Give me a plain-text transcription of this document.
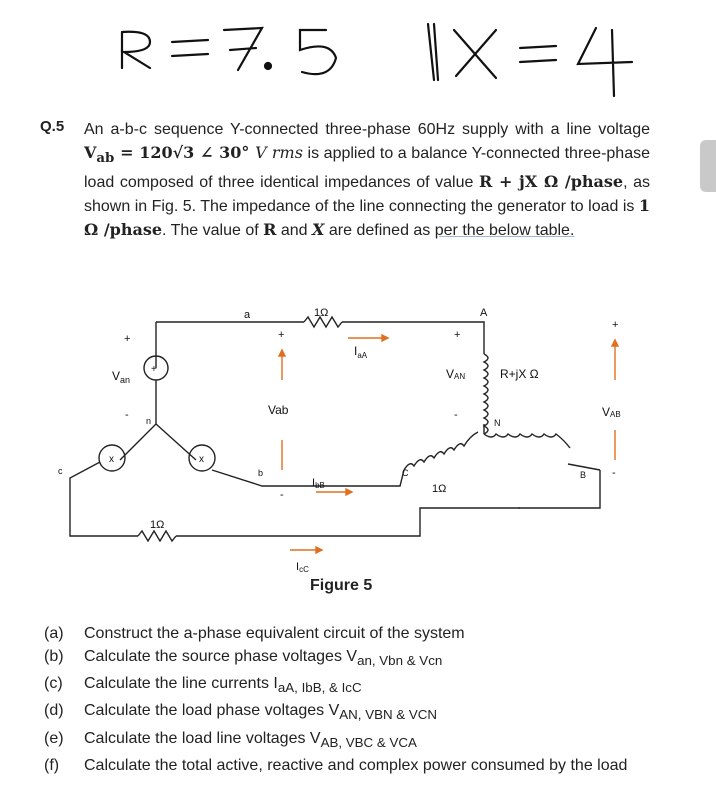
Q.5 An a-b-c sequence Y-connected three-phase 60Hz supply with a line voltage $V_{ab} = 120√3$ ∠ 30° V rms is applied to a balance Y-connected three-phase load composed of three identical impedances of value R + jX Ω /phase, as shown in Fig. 5. The impedance of the line connecting the generator to load is 1 Ω /phase. The value of R and X are defined as per the below table.
+
x	x
a	1Ω	A
+	+	+
+
$V_{an}$
$I_{aA}$
VAN	R+jX Ω
Vab	VAB
-	-
-
n	N
c	b	C	B
IbB
-	1Ω
1Ω
IcC
Figure 5
(a)	Construct the a-phase equivalent circuit of the system
(b)	Calculate the source phase voltages $V_{an, Vbn \& Vcn}$
(c)	Calculate the line currents $I_{aA, IbB, \& IcC}$
(d)	Calculate the load phase voltages $V_{AN, VBN \& VCN}$
(e)	Calculate the load line voltages $V_{AB, VBC \& VCA}$
(f)	Calculate the total active, reactive and complex power consumed by the load
